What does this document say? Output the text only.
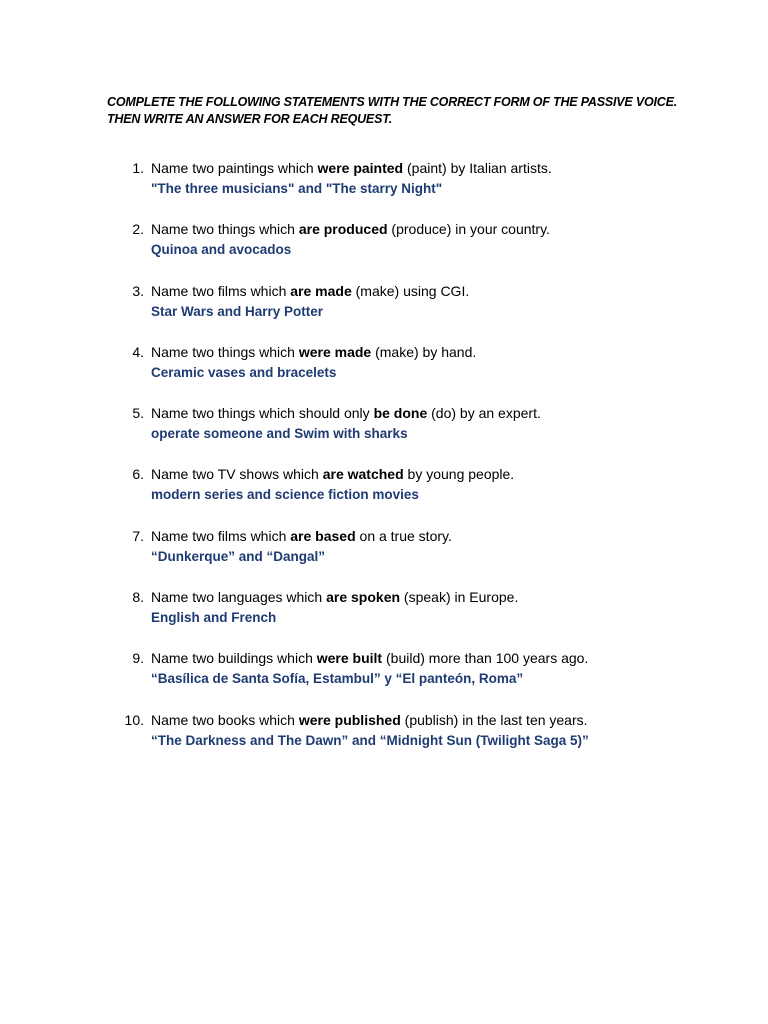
COMPLETE THE FOLLOWING STATEMENTS WITH THE CORRECT FORM OF THE PASSIVE VOICE.
THEN WRITE AN ANSWER FOR EACH REQUEST.
1. Name two paintings which were painted (paint) by Italian artists.
"The three musicians" and "The starry Night"
2. Name two things which are produced (produce) in your country.
Quinoa and avocados
3. Name two films which are made (make) using CGI.
Star Wars and Harry Potter
4. Name two things which were made (make) by hand.
Ceramic vases and bracelets
5. Name two things which should only be done (do) by an expert.
operate someone and Swim with sharks
6. Name two TV shows which are watched by young people.
modern series and science fiction movies
7. Name two films which are based on a true story.
“Dunkerque” and “Dangal”
8. Name two languages which are spoken (speak) in Europe.
English and French
9. Name two buildings which were built (build) more than 100 years ago.
“Basílica de Santa Sofía, Estambul” y “El panteón, Roma”
10. Name two books which were published (publish) in the last ten years.
“The Darkness and The Dawn” and “Midnight Sun (Twilight Saga 5)”
